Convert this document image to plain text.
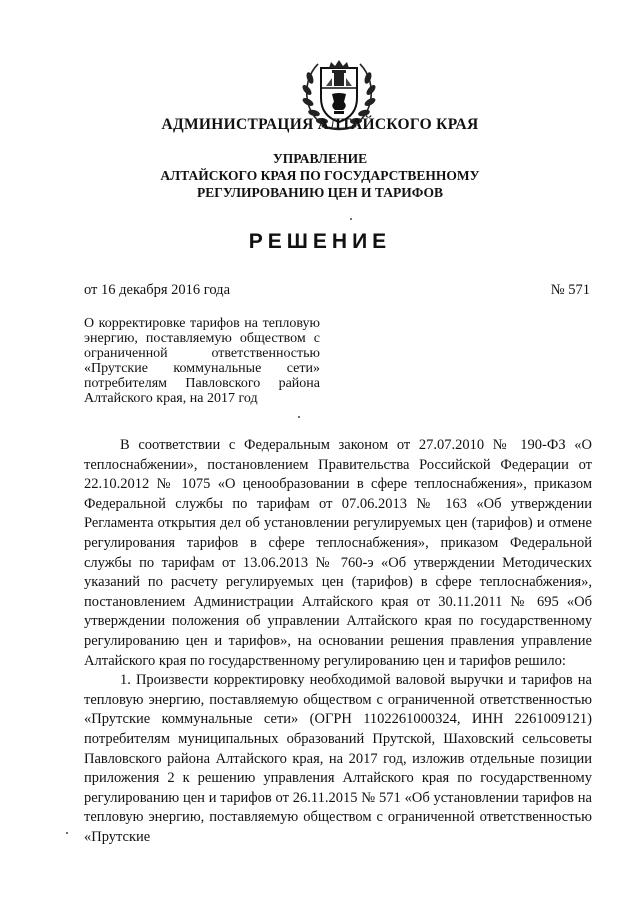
АДМИНИСТРАЦИЯ АЛТАЙСКОГО КРАЯ
УПРАВЛЕНИЕ
АЛТАЙСКОГО КРАЯ ПО ГОСУДАРСТВЕННОМУ
РЕГУЛИРОВАНИЮ ЦЕН И ТАРИФОВ
РЕШЕНИЕ
от 16 декабря 2016 года	№ 571
О корректировке тарифов на тепловую энергию, поставляемую обществом с ограниченной ответственностью «Прутские коммунальные сети» потребителям Павловского района Алтайского края, на 2017 год

В соответствии с Федеральным законом от 27.07.2010 № 190-ФЗ «О теплоснабжении», постановлением Правительства Российской Федерации от 22.10.2012 № 1075 «О ценообразовании в сфере теплоснабжения», приказом Федеральной службы по тарифам от 07.06.2013 № 163 «Об утверждении Регламента открытия дел об установлении регулируемых цен (тарифов) и отмене регулирования тарифов в сфере теплоснабжения», приказом Федеральной службы по тарифам от 13.06.2013 № 760-э «Об утверждении Методических указаний по расчету регулируемых цен (тарифов) в сфере теплоснабжения», постановлением Администрации Алтайского края от 30.11.2011 № 695 «Об утверждении положения об управлении Алтайского края по государственному регулированию цен и тарифов», на основании решения правления управление Алтайского края по государственному регулированию цен и тарифов решило:

1. Произвести корректировку необходимой валовой выручки и тарифов на тепловую энергию, поставляемую обществом с ограниченной ответственностью «Прутские коммунальные сети» (ОГРН 1102261000324, ИНН 2261009121) потребителям муниципальных образований Прутской, Шаховский сельсоветы Павловского района Алтайского края, на 2017 год, изложив отдельные позиции приложения 2 к решению управления Алтайского края по государственному регулированию цен и тарифов от 26.11.2015 № 571 «Об установлении тарифов на тепловую энергию, поставляемую обществом с ограниченной ответственностью «Прутские
